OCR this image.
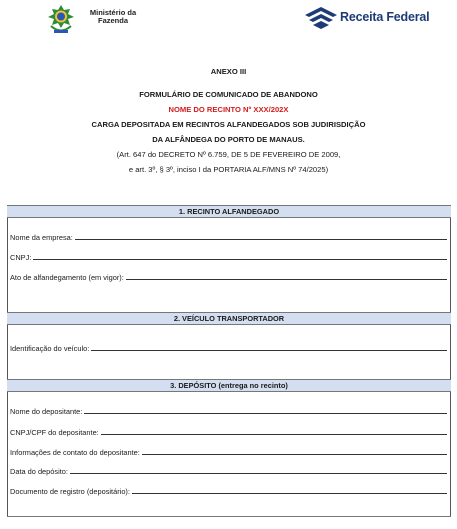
Ministério da
Fazenda	Receita Federal
ANEXO III
FORMULÁRIO DE COMUNICADO DE ABANDONO
NOME DO RECINTO Nº XXX/202X
CARGA DEPOSITADA EM RECINTOS ALFANDEGADOS SOB JUDIRISDIÇÃO
DA ALFÂNDEGA DO PORTO DE MANAUS.
(Art. 647 do DECRETO Nº 6.759, DE 5 DE FEVEREIRO DE 2009,
e art. 3º, § 3º, inciso I da PORTARIA ALF/MNS Nº 74/2025)
1. RECINTO ALFANDEGADO
Nome da empresa:
CNPJ:
Ato de alfandegamento (em vigor):
2. VEÍCULO TRANSPORTADOR
Identificação do veículo:
3. DEPÓSITO (entrega no recinto)
Nome do depositante:
CNPJ/CPF do depositante:
Informações de contato do depositante:
Data do depósito:
Documento de registro (depositário):
